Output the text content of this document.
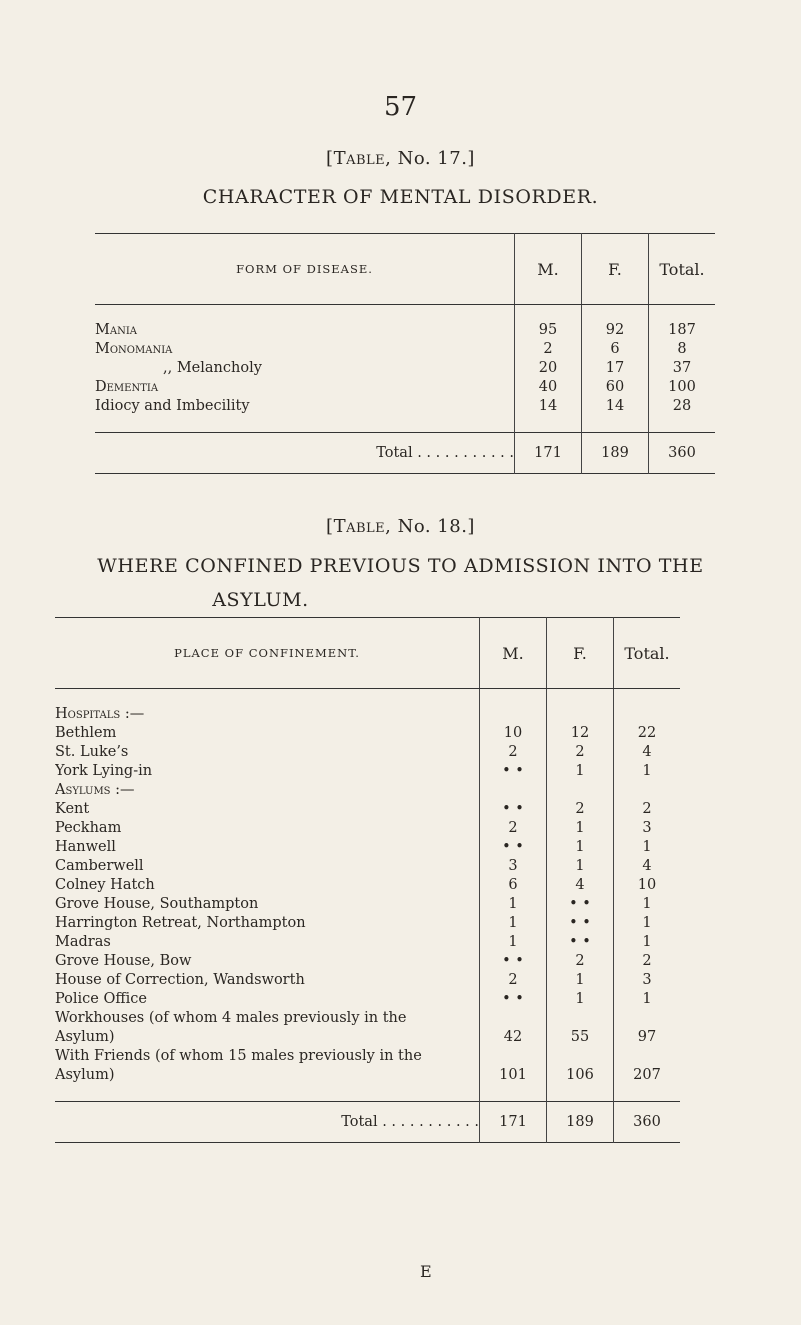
57
[Table, No. 17.]
CHARACTER OF MENTAL DISORDER.
FORM OF DISEASE.	M.	F.	Total.

Mania	95	92	187

Monomania	2	6	8

,, Melancholy	20	17	37

Dementia	40	60	100

Idiocy and Imbecility	14	14	28

Total . . . . . . . . . . .	171	189	360
[Table, No. 18.]
WHERE CONFINED PREVIOUS TO ADMISSION INTO THE
ASYLUM.
PLACE OF CONFINEMENT.	M.	F.	Total.

Hospitals :—			

Bethlem	10	12	22

St. Luke’s	2	2	4

York Lying-in	• •	1	1
Asylums :—			

Kent	• •	2	2

Peckham	2	1	3

Hanwell	• •	1	1

Camberwell	3	1	4

Colney Hatch	6	4	10

Grove House, Southampton	1	• •	1

Harrington Retreat, Northampton	1	• •	1

Madras	1	• •	1

Grove House, Bow	• •	2	2

House of Correction, Wandsworth	2	1	3

Police Office	• •	1	1
Workhouses (of whom 4 males previously in the			

Asylum)	42	55	97
With Friends (of whom 15 males previously in the			

Asylum)	101	106	207

Total . . . . . . . . . . .	171	189	360
E
